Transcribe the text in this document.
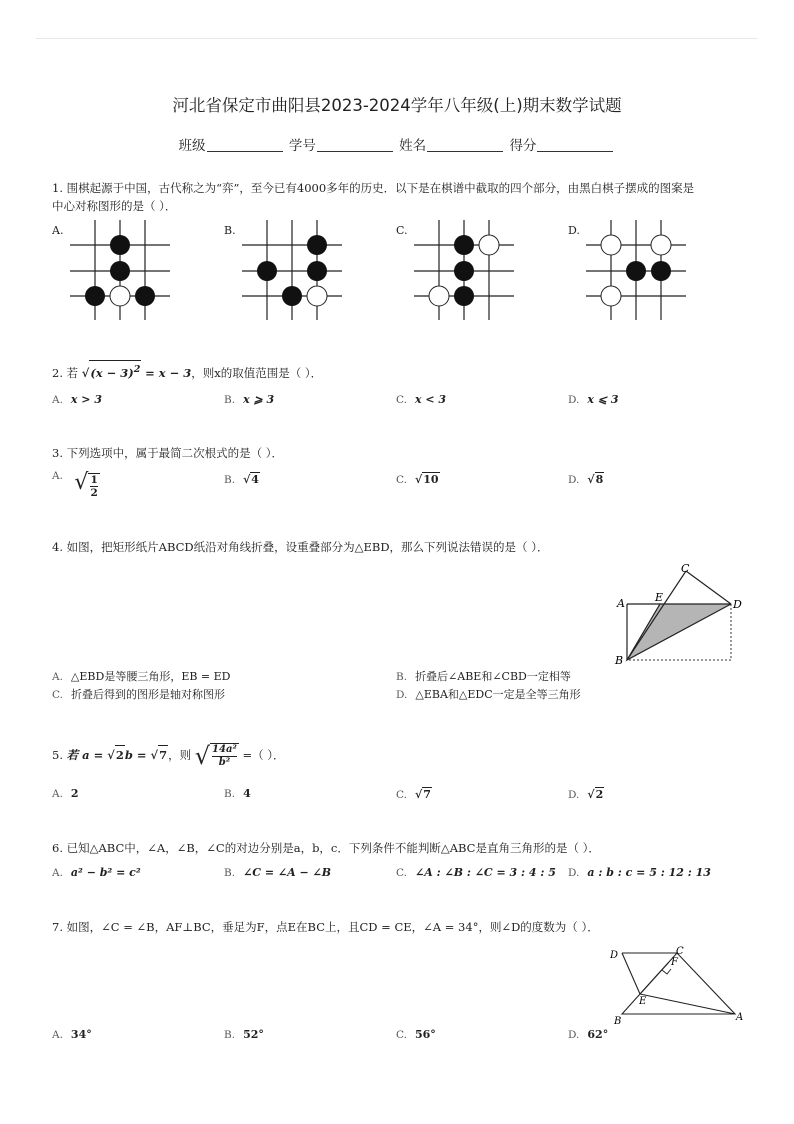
河北省保定市曲阳县2023-2024学年八年级(上)期末数学试题
班级	学号	姓名	得分
1. 围棋起源于中国，古代称之为“弈”，至今已有4000多年的历史．以下是在棋谱中截取的四个部分，由黑白棋子摆成的图案是
中心对称图形的是（ ）．
A.	B.	C.	D.
2. 若 $√(x - 3)^2 = x - 3$，则x的取值范围是（ ）．
A. x > 3	B. x ⩾ 3	C. x < 3	D. x ⩽ 3
3. 下列选项中，属于最简二次根式的是（ ）．
A. √ $\frac{1}{2}$	B. √4	C. √10	D. √8
4. 如图，把矩形纸片ABCD纸沿对角线折叠，设重叠部分为△EBD，那么下列说法错误的是（ ）．
C
A	E
D
B
A. △EBD是等腰三角形，EB = ED	B. 折叠后∠ABE和∠CBD一定相等
C. 折叠后得到的图形是轴对称图形	D. △EBA和△EDC一定是全等三角形
5. 若 a = √2b = √7，则 √ $\frac{\text{14a²}}{\text{b²}}$ =（ ）．
A. 2	B. 4	C. √7	D. √2
6. 已知△ABC中，∠A，∠B，∠C的对边分别是a，b，c．下列条件不能判断△ABC是直角三角形的是（ ）．
A. a² − b² = c²	B. ∠C = ∠A − ∠B	C. ∠A : ∠B : ∠C = 3 : 4 : 5 D. a : b : c = 5 : 12 : 13
7. 如图，∠C = ∠B，AF⊥BC，垂足为F，点E在BC上，且CD = CE，∠A = 34°，则∠D的度数为（ ）．
D	C
F
E
B	A
A. 34°	B. 52°	C. 56°	D. 62°
